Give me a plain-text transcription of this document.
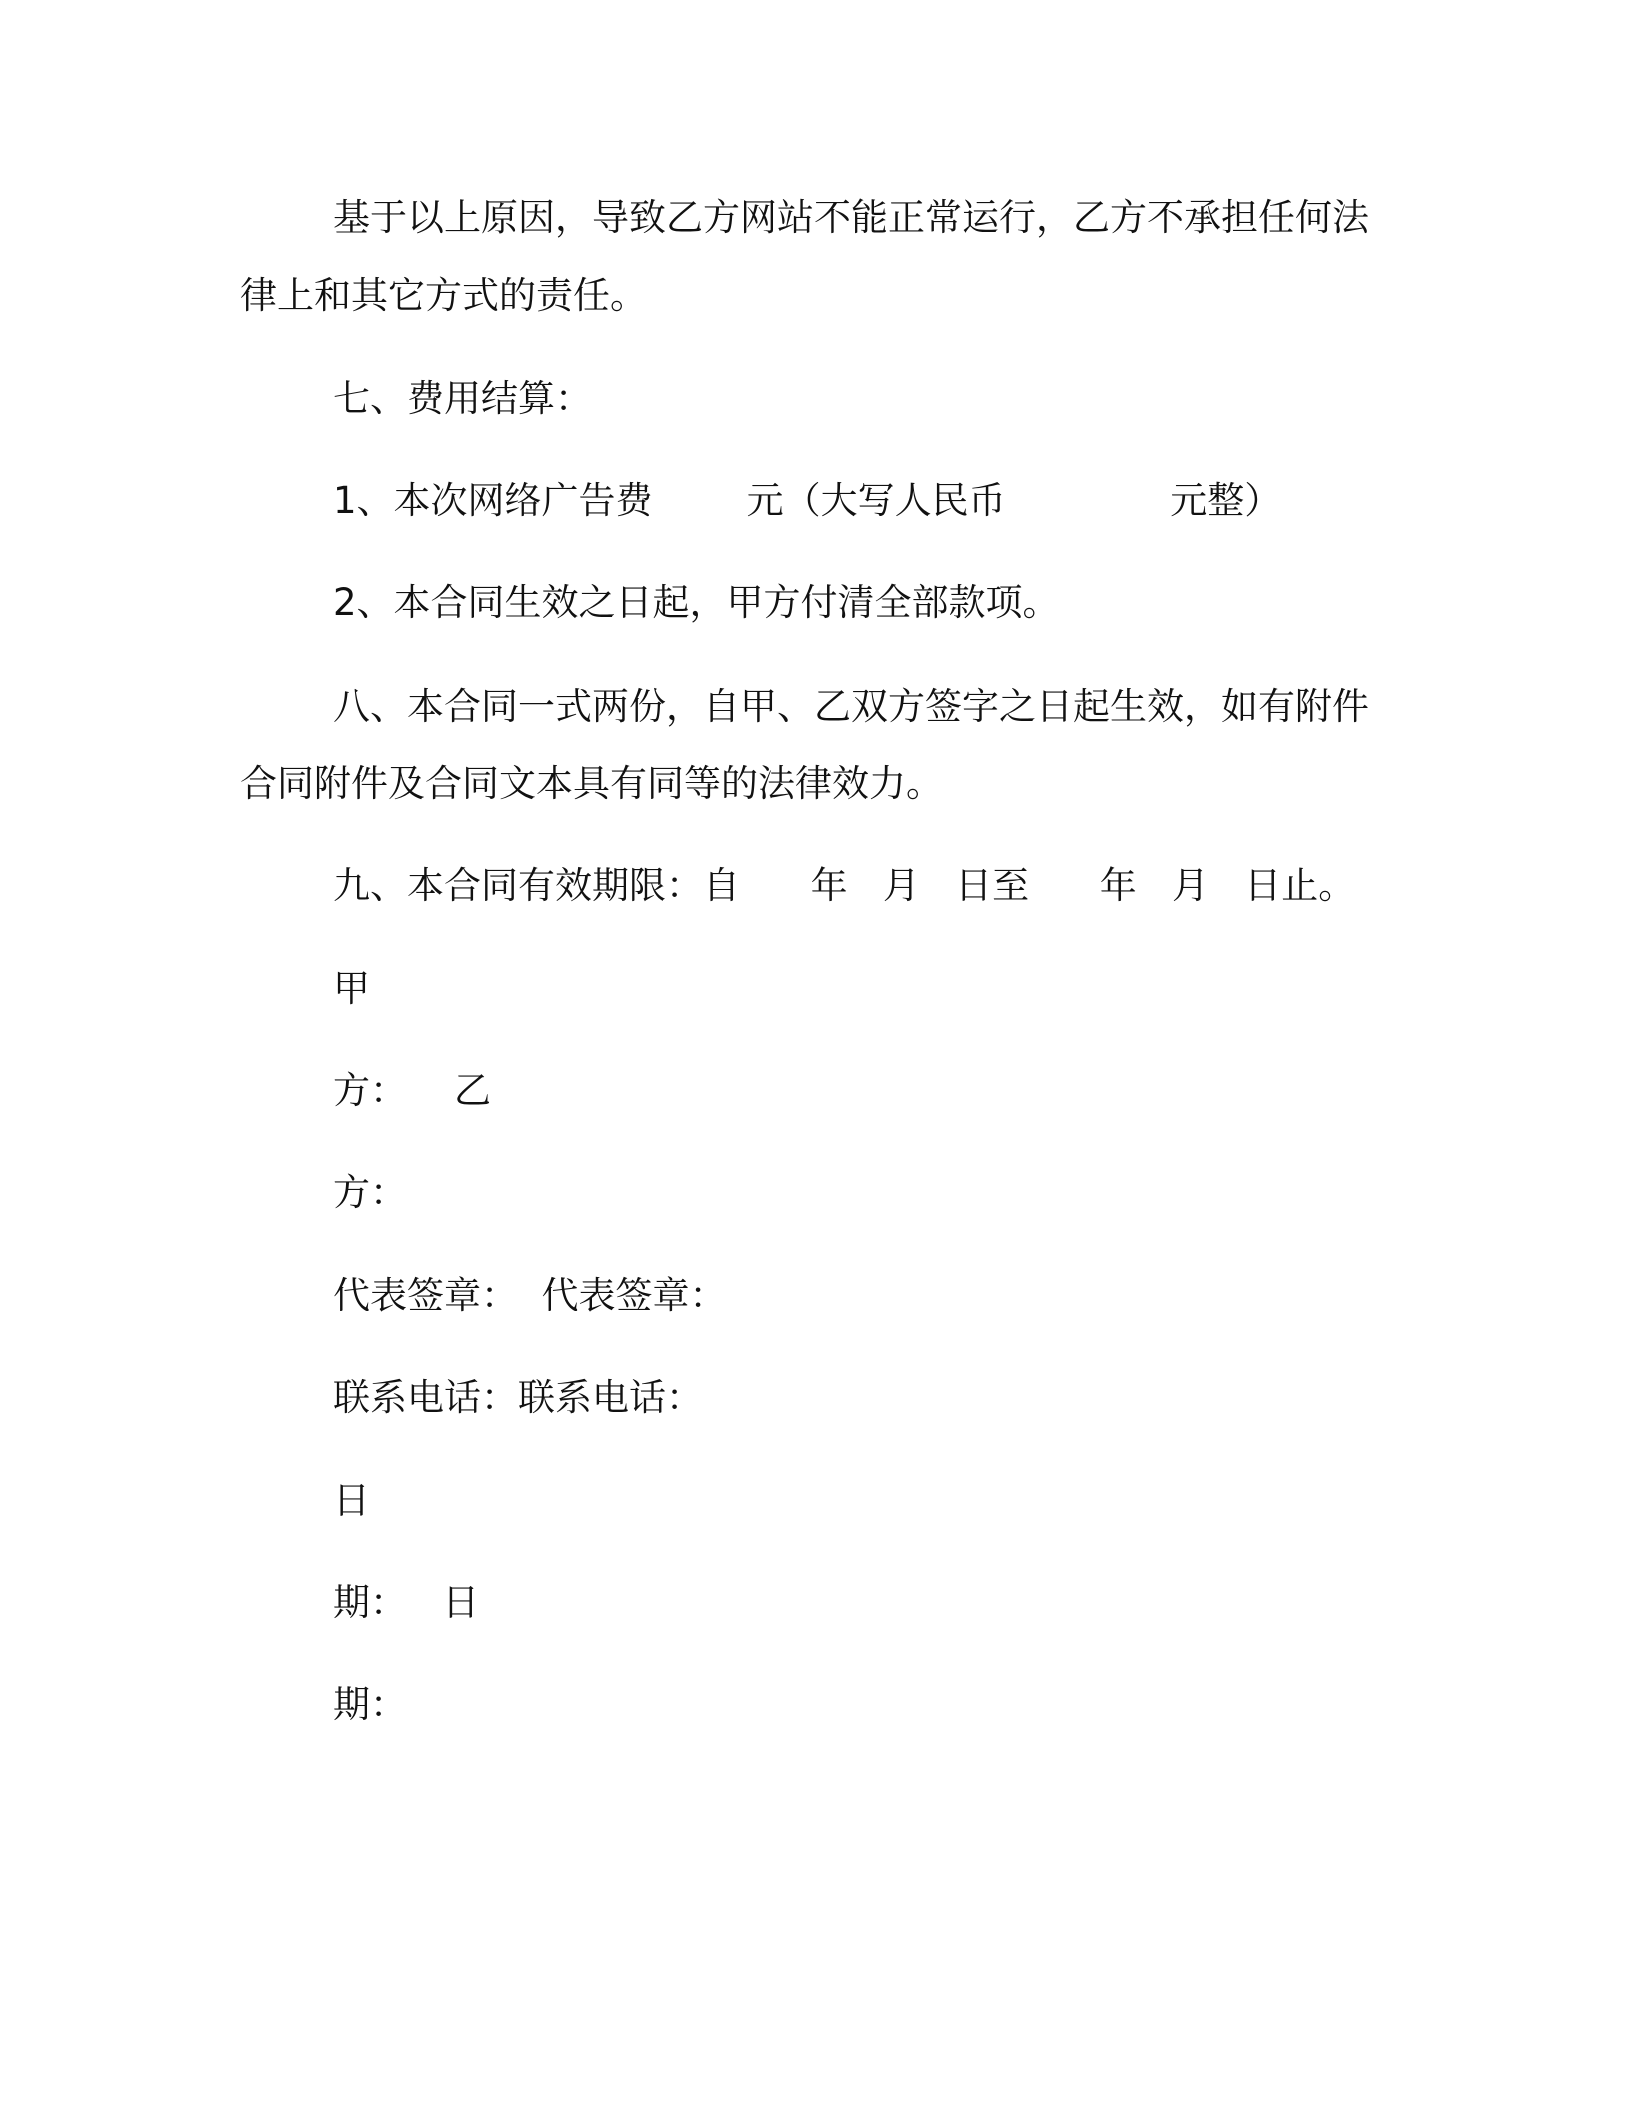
基于以上原因，导致乙方网站不能正常运行，乙方不承担任何法
律上和其它方式的责任。
七、费用结算：
1、本次网络广告费        元（大写人民币              元整）
2、本合同生效之日起，甲方付清全部款项。
八、本合同一式两份，自甲、乙双方签字之日起生效，如有附件
合同附件及合同文本具有同等的法律效力。
九、本合同有效期限：自      年   月   日至      年   月   日止。
甲
方：    乙
方：
代表签章：  代表签章：
联系电话：联系电话：
日
期：   日
期：
